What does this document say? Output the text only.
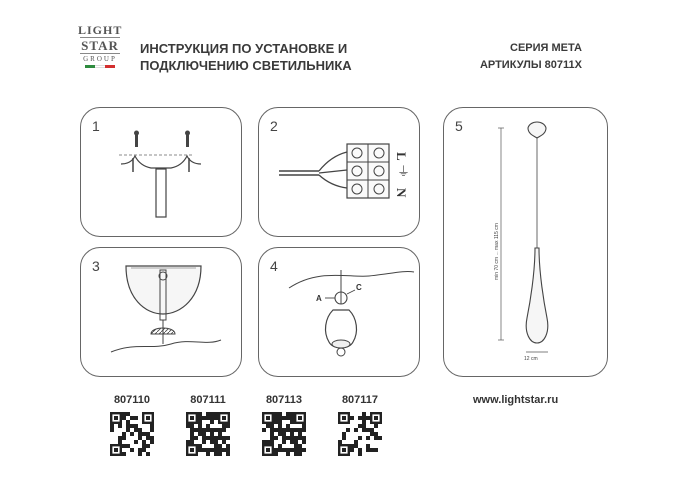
LIGHT
STAR
GROUP
ИНСТРУКЦИЯ ПО УСТАНОВКЕ И
ПОДКЛЮЧЕНИЮ СВЕТИЛЬНИКА
СЕРИЯ МЕТА
АРТИКУЛЫ 80711X
1	2
L
⏚
N
3	4
A
C
5
min 70 cm ... max 115 cm
12 cm
807110	807111	807113	807117	www.lightstar.ru
